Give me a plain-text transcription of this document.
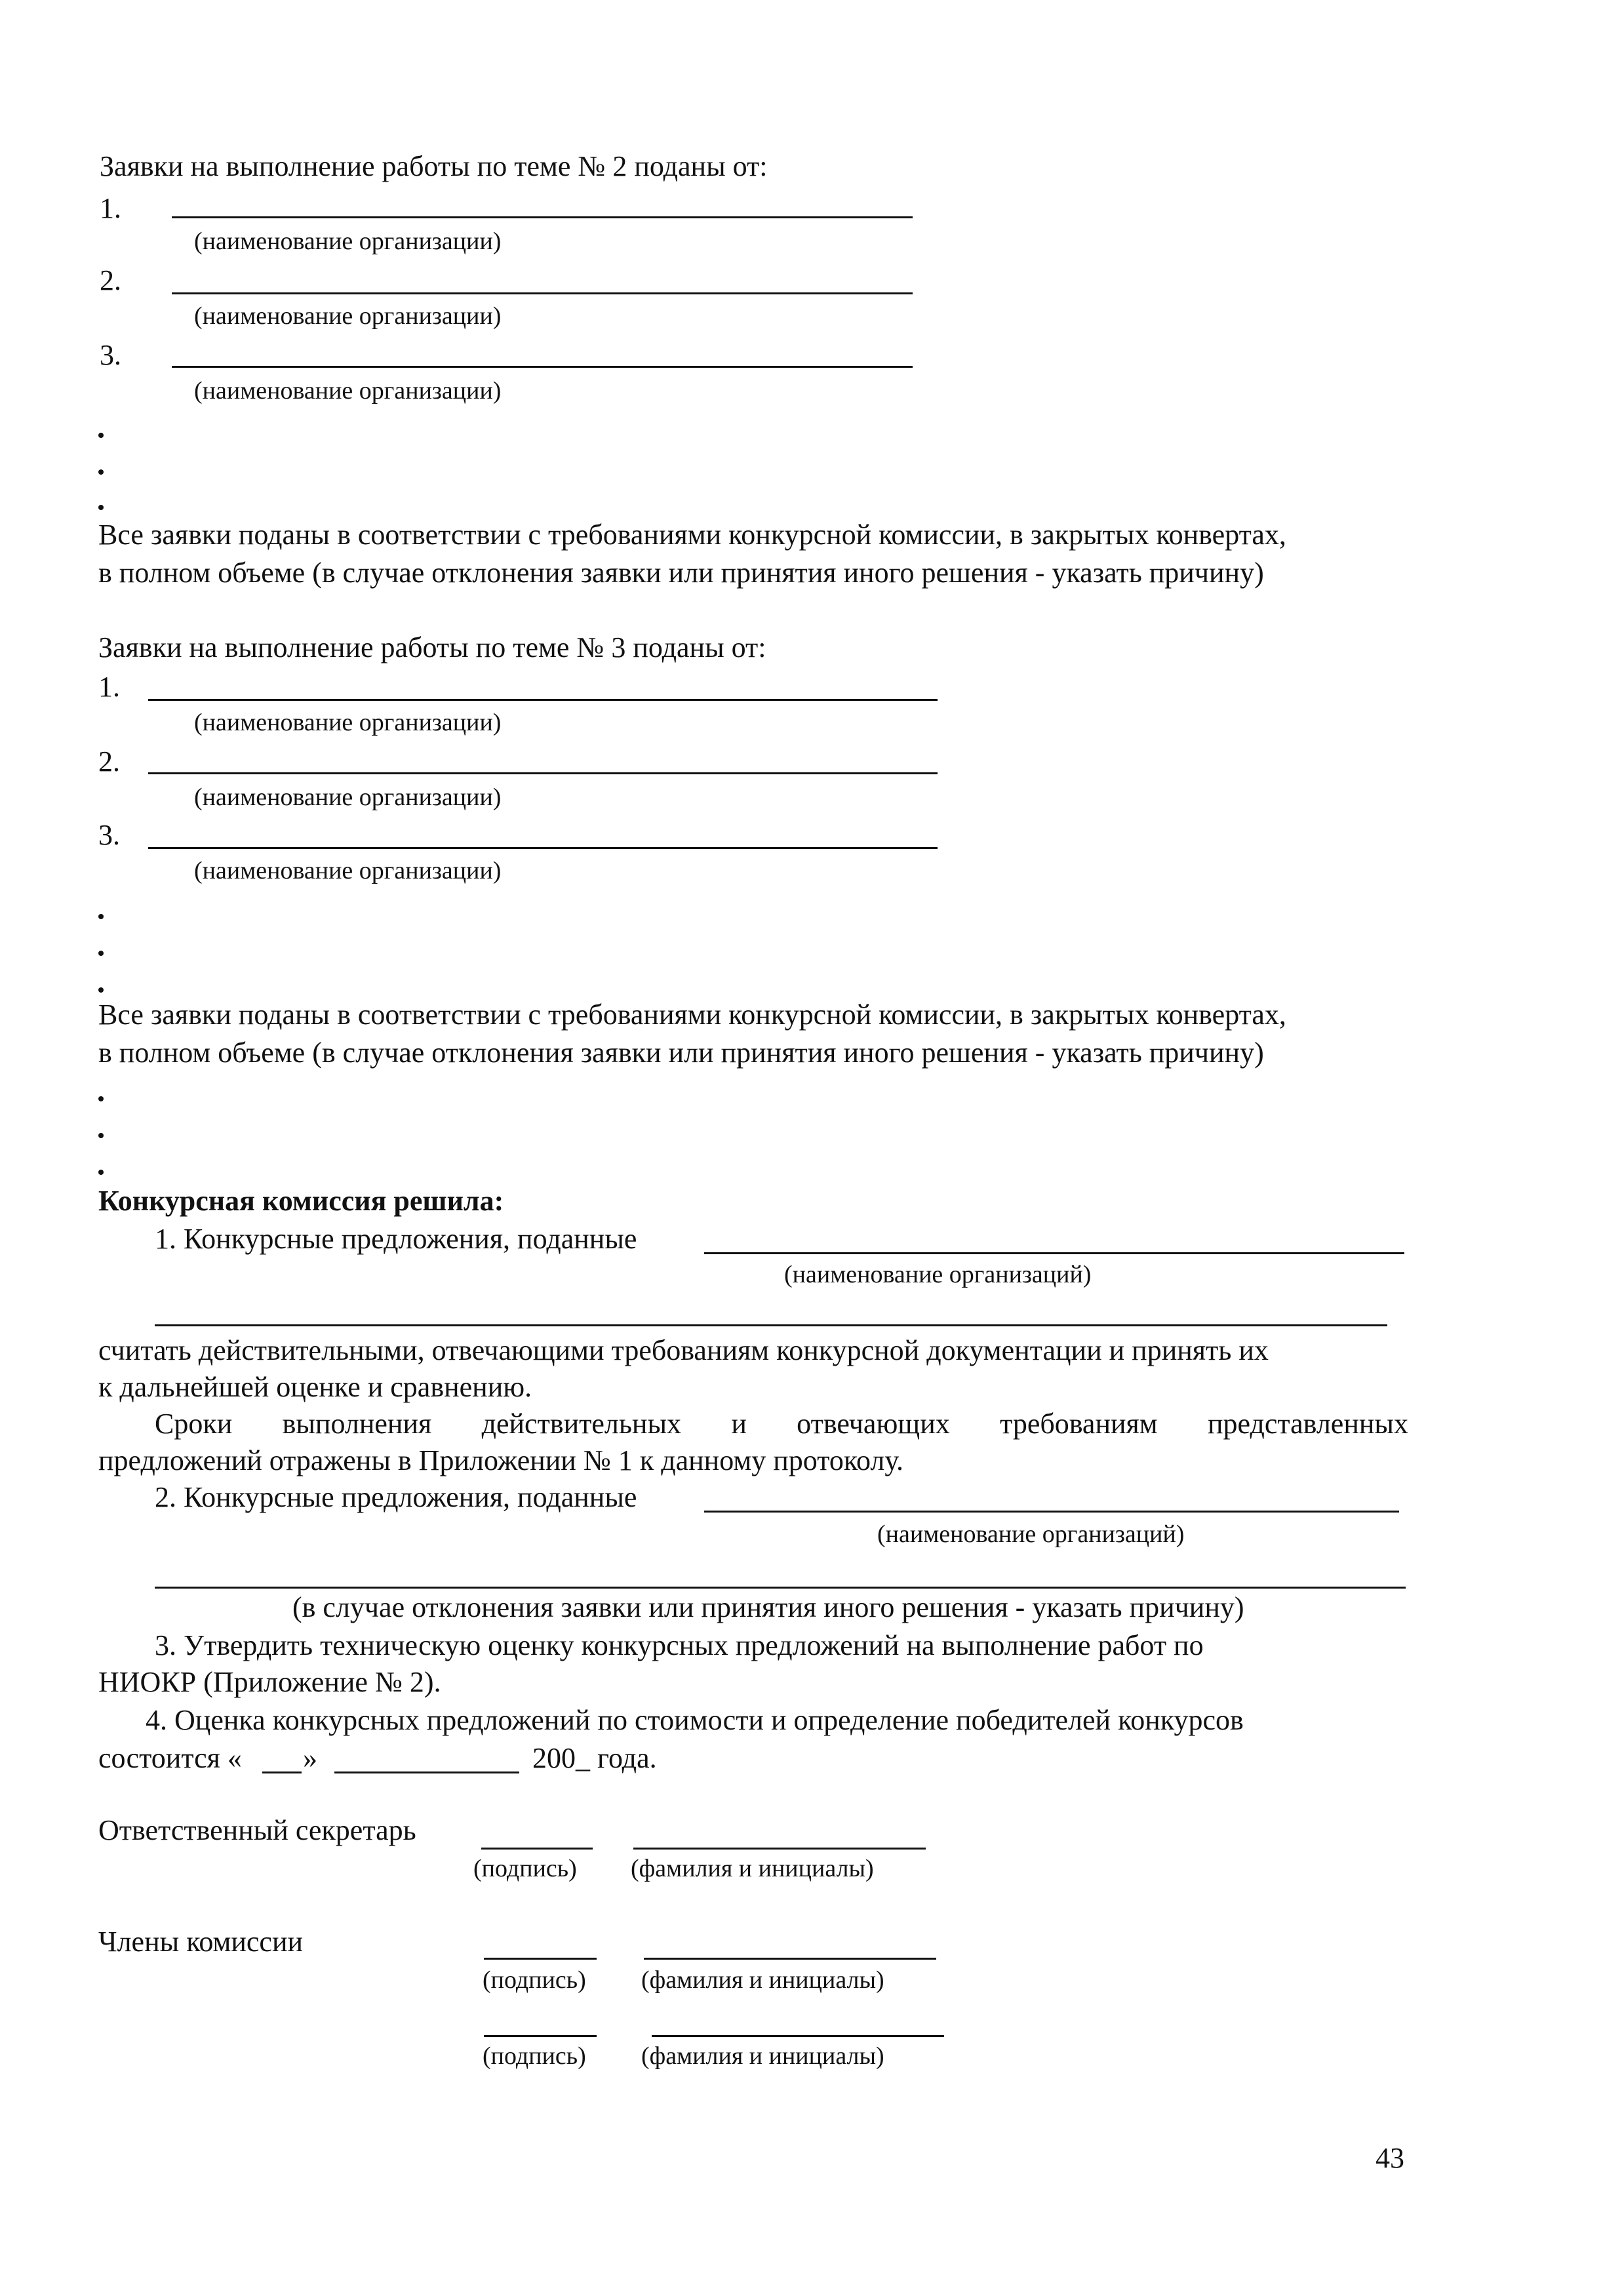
Заявки на выполнение работы по теме № 2 поданы от:
1.
(наименование организации)
2.
(наименование организации)
3.
(наименование организации)
Все заявки поданы в соответствии с требованиями конкурсной комиссии, в закрытых конвертах,
в полном объеме (в случае отклонения заявки или принятия иного решения - указать причину)
Заявки на выполнение работы по теме № 3 поданы от:
1.
(наименование организации)
2.
(наименование организации)
3.
(наименование организации)
Все заявки поданы в соответствии с требованиями конкурсной комиссии, в закрытых конвертах,
в полном объеме (в случае отклонения заявки или принятия иного решения - указать причину)
Конкурсная комиссия решила:
1. Конкурсные предложения, поданные
(наименование организаций)
считать действительными, отвечающими требованиям конкурсной документации и принять их
к дальнейшей оценке и сравнению.
Сроки выполнения действительных и отвечающих требованиям представленных
предложений отражены в Приложении № 1 к данному протоколу.
2. Конкурсные предложения, поданные
(наименование организаций)
(в случае отклонения заявки или принятия иного решения - указать причину)
3. Утвердить техническую оценку конкурсных предложений на выполнение работ по
НИОКР (Приложение № 2).
4. Оценка конкурсных предложений по стоимости и определение победителей конкурсов
состоится « »	200_ года.
Ответственный секретарь
(подпись) (фамилия и инициалы)
Члены комиссии
(подпись) (фамилия и инициалы)
(подпись) (фамилия и инициалы)
43
